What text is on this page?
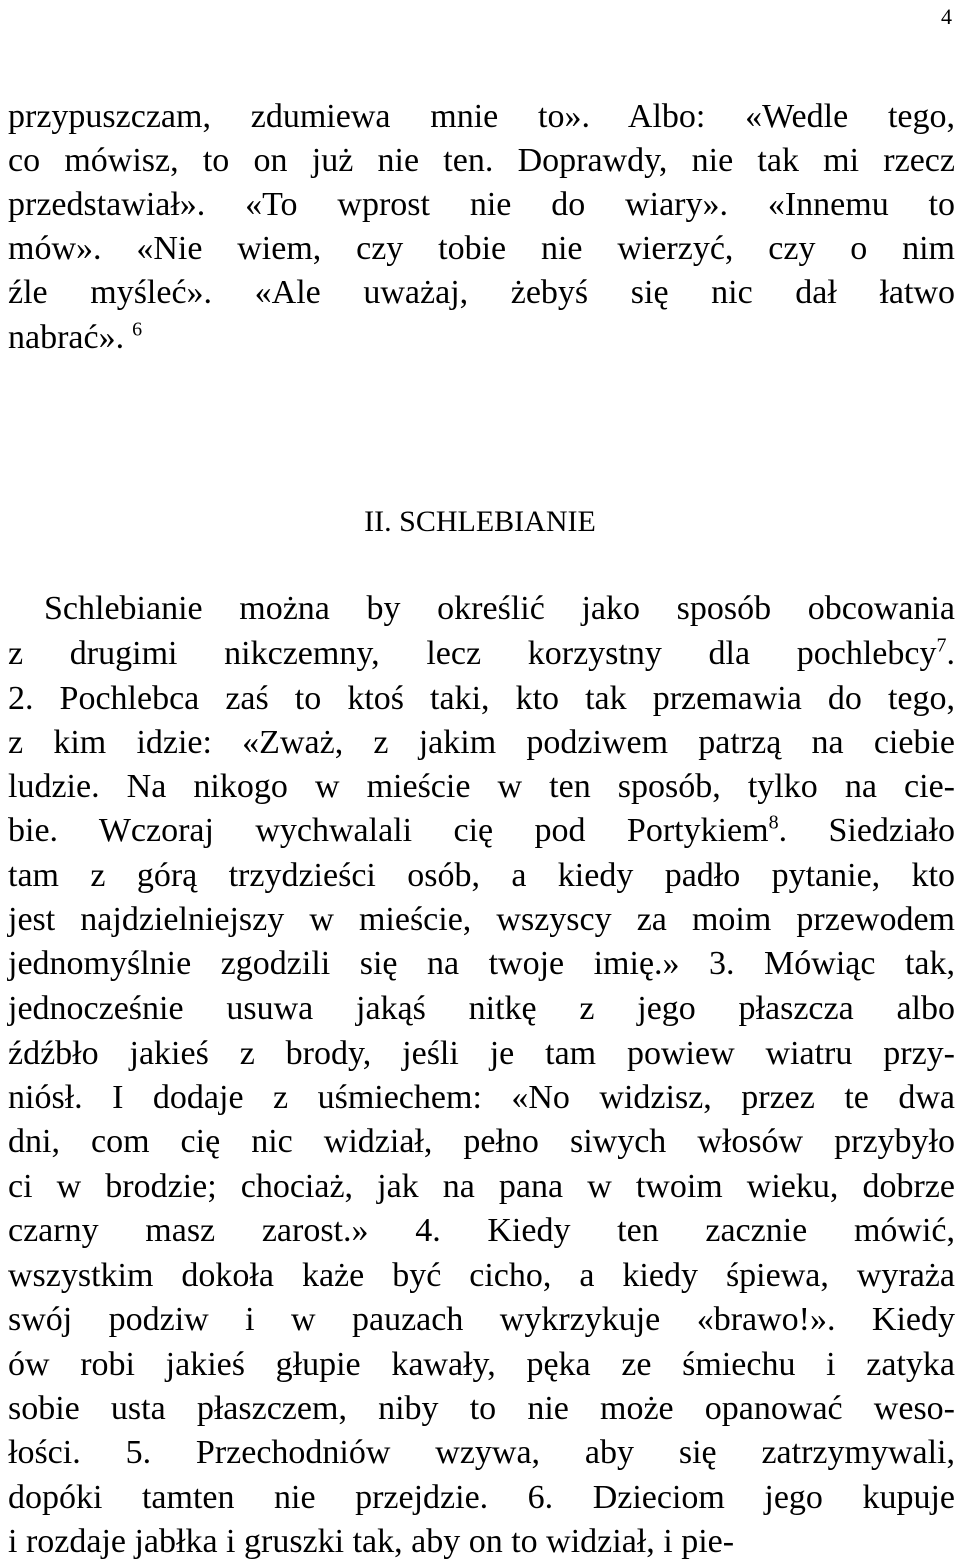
4
przypuszczam, zdumiewa mnie to». Albo: «Wedle tego,
co mówisz, to on już nie ten. Doprawdy, nie tak mi rzecz
przedstawiał». «To wprost nie do wiary». «Innemu to
mów». «Nie wiem, czy tobie nie wierzyć, czy o nim
źle myśleć». «Ale uważaj, żebyś się nic dał łatwo
nabrać». $^6$
II. SCHLEBIANIE
Schlebianie można by określić jako sposób obcowania
z drugimi nikczemny, lecz korzystny dla pochlebcy$^7$.
2. Pochlebca zaś to ktoś taki, kto tak przemawia do tego,
z kim idzie: «Zważ, z jakim podziwem patrzą na ciebie
ludzie. Na nikogo w mieście w ten sposób, tylko na cie-
bie. Wczoraj wychwalali cię pod Portykiem$^8$. Siedziało
tam z górą trzydzieści osób, a kiedy padło pytanie, kto
jest najdzielniejszy w mieście, wszyscy za moim przewodem
jednomyślnie zgodzili się na twoje imię.» 3. Mówiąc tak,
jednocześnie usuwa jakąś nitkę z jego płaszcza albo
źdźbło jakieś z brody, jeśli je tam powiew wiatru przy-
niósł. I dodaje z uśmiechem: «No widzisz, przez te dwa
dni, com cię nic widział, pełno siwych włosów przybyło
ci w brodzie; chociaż, jak na pana w twoim wieku, dobrze
czarny masz zarost.» 4. Kiedy ten zacznie mówić,
wszystkim dokoła każe być cicho, a kiedy śpiewa, wyraża
swój podziw i w pauzach wykrzykuje «brawo!». Kiedy
ów robi jakieś głupie kawały, pęka ze śmiechu i zatyka
sobie usta płaszczem, niby to nie może opanować weso-
łości. 5. Przechodniów wzywa, aby się zatrzymywali,
dopóki tamten nie przejdzie. 6. Dzieciom jego kupuje
i rozdaje jabłka i gruszki tak, aby on to widział, i pie-
